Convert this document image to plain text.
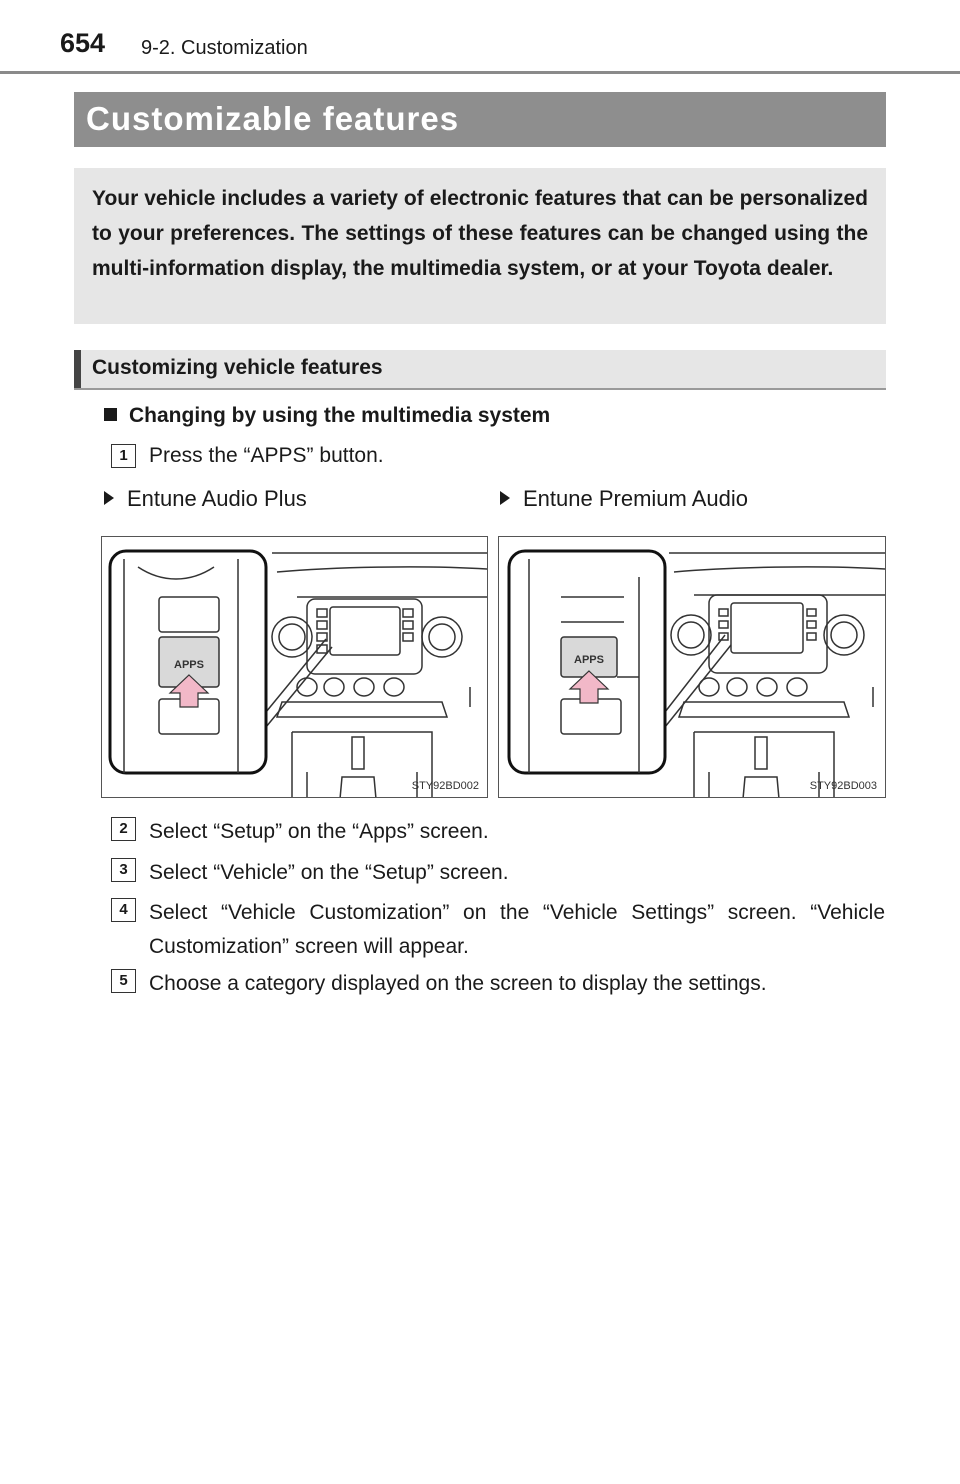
654 9-2. Customization
Customizable features

Your vehicle includes a variety of electronic features that can be personalized to your preferences. The settings of these features can be changed using the multi-information display, the multimedia system, or at your Toyota dealer.

Customizing vehicle features
Changing by using the multimedia system
1	Press the “APPS” button.
Entune Audio Plus	Entune Premium Audio
APPS
STY92BD002
APPS
STY92BD003
2	Select “Setup” on the “Apps” screen.
3	Select “Vehicle” on the “Setup” screen.
4	Select “Vehicle Customization” on the “Vehicle Settings” screen. “Vehicle Customization” screen will appear.
5	Choose a category displayed on the screen to display the settings.
